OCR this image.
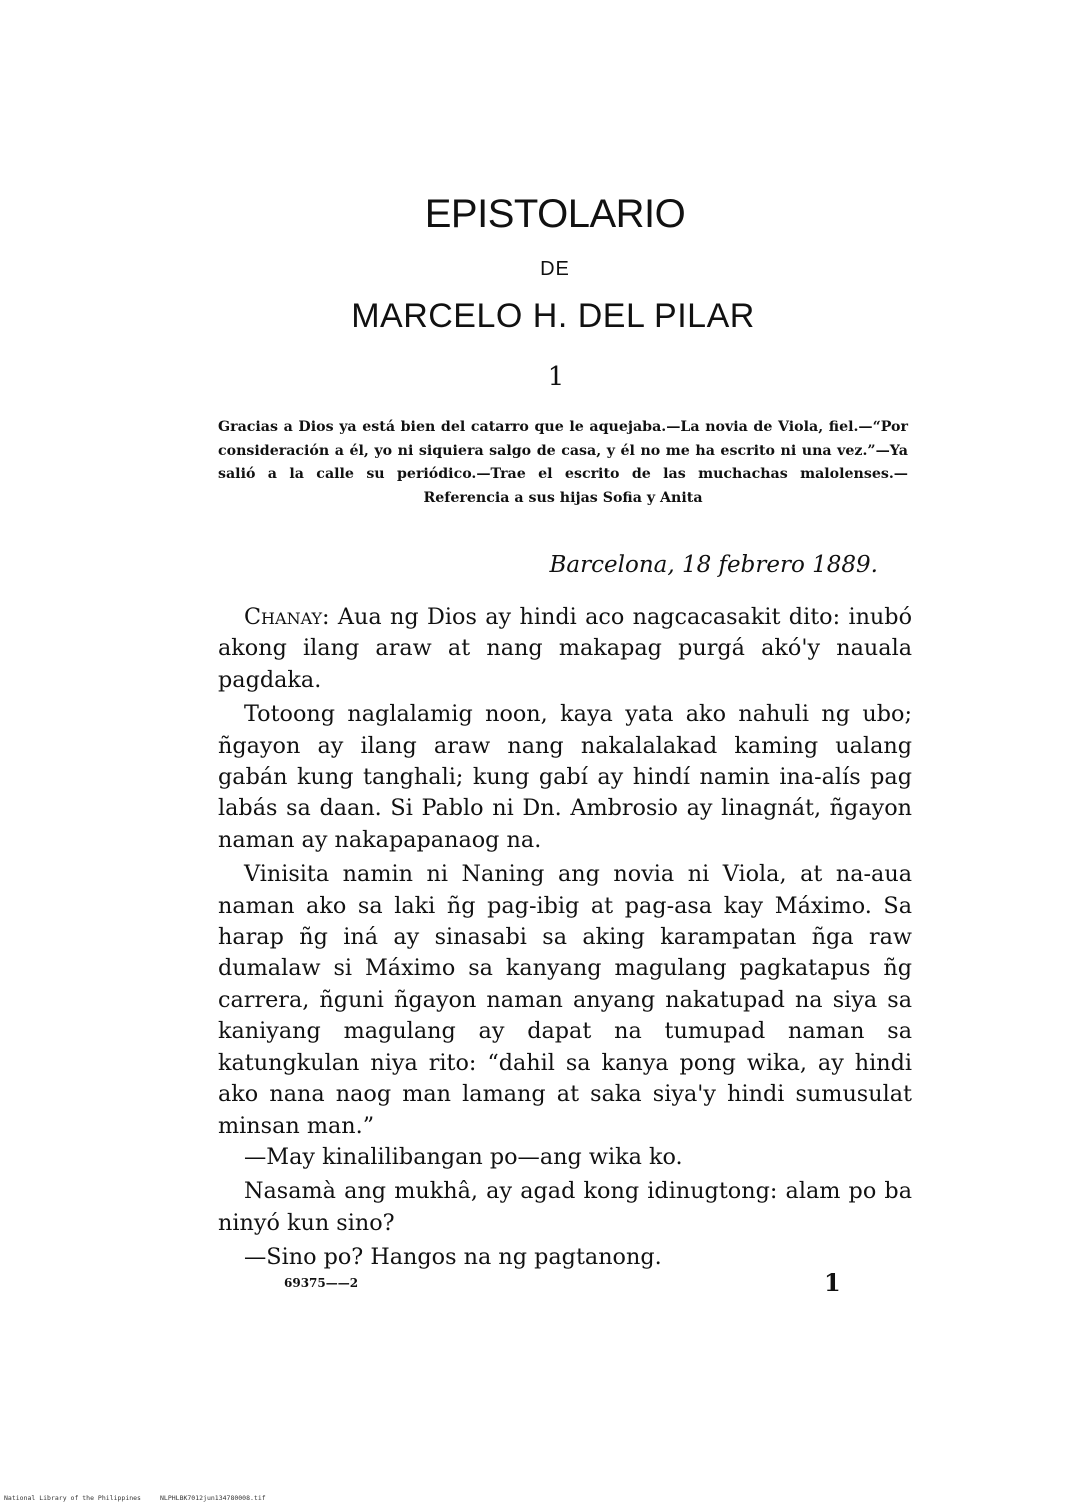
EPISTOLARIO
DE
MARCELO H. DEL PILAR
1

Gracias a Dios ya está bien del catarro que le aquejaba.—La novia de Viola, fiel.—“Por consideración a él, yo ni siquiera salgo de casa, y él no me ha escrito ni una vez.”—Ya salió a la calle su periódico.—Trae el escrito de las muchachas malolenses.—Referencia a sus hijas Sofia y Anita

Barcelona, 18 febrero 1889.

Chanay: Aua ng Dios ay hindi aco nagcacasakit dito: inubó akong ilang araw at nang makapag purgá akó'y nauala pagdaka.

Totoong naglalamig noon, kaya yata ako nahuli ng ubo; ñgayon ay ilang araw nang nakalalakad kaming ualang gabán kung tanghali; kung gabí ay hindí namin ina-alís pag labás sa daan. Si Pablo ni Dn. Ambrosio ay linagnát, ñgayon naman ay nakapapanaog na.

Vinisita namin ni Naning ang novia ni Viola, at na-aua naman ako sa laki ñg pag-ibig at pag-asa kay Máximo. Sa harap ñg iná ay sinasabi sa aking karampatan ñga raw dumalaw si Máximo sa kanyang magulang pagkatapus ñg carrera, ñguni ñgayon naman anyang nakatupad na siya sa kaniyang magulang ay dapat na tumupad naman sa katungkulan niya rito: “dahil sa kanya pong wika, ay hindi ako nana naog man lamang at saka siya'y hindi sumusulat minsan man.”

—May kinalilibangan po—ang wika ko.

Nasamà ang mukhâ, ay agad kong idinugtong: alam po ba ninyó kun sino?

—Sino po? Hangos na ng pagtanong.

69375——2	1
National Library of the Philippines	NLPHLBK7012jun134780008.tif
